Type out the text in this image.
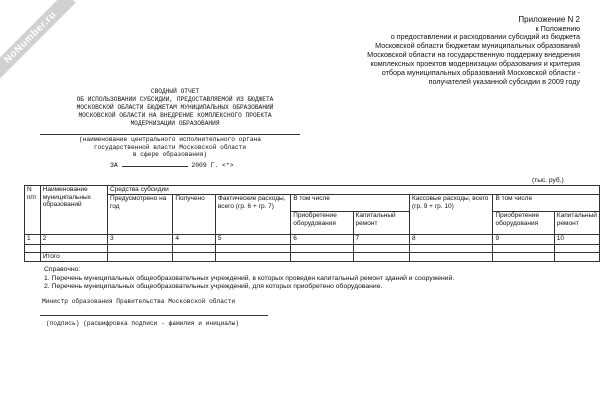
NoNumber.ru	Приложение N 2
к Положению
о предоставлении и расходовании субсидий из бюджета
Московской области бюджетам муниципальных образований
Московской области на государственную поддержку внедрения
комплексных проектов модернизации образования и критерия
отбора муниципальных образований Московской области -
получателей указанной субсидии в 2009 году
СВОДНЫЙ ОТЧЕТ
ОБ ИСПОЛЬЗОВАНИИ СУБСИДИИ, ПРЕДОСТАВЛЯЕМОЙ ИЗ БЮДЖЕТА
МОСКОВСКОЙ ОБЛАСТИ БЮДЖЕТАМ МУНИЦИПАЛЬНЫХ ОБРАЗОВАНИЙ
МОСКОВСКОЙ ОБЛАСТИ НА ВНЕДРЕНИЕ КОМПЛЕКСНОГО ПРОЕКТА
МОДЕРНИЗАЦИИ ОБРАЗОВАНИЯ
(наименование центрального исполнительного органа
государственной власти Московской области
в сфере образования)
ЗА	2009 Г. <*>
(тыс. руб.)
N п/п	Наименование муниципальных образований	Средства субсидии							
		Предусмотрено на год	Получено	Фактические расходы, всего (гр. 6 + гр. 7)	В том числе		Кассовые расходы, всего (гр. 9 + гр. 10)	В том числе	
					Приобретение оборудования	Капитальный ремонт		Приобретение оборудования	Капитальный ремонт
1	2	3	4	5	6	7	8	9	10

	Итого								

Справочно:

1. Перечень муниципальных общеобразовательных учреждений, в которых проведен капитальный ремонт зданий и сооружений.

2. Перечень муниципальных общеобразовательных учреждений, для которых приобретено оборудование.

Министр образования Правительства Московской области
(подпись) (расшифровка подписи - фамилия и инициалы)
